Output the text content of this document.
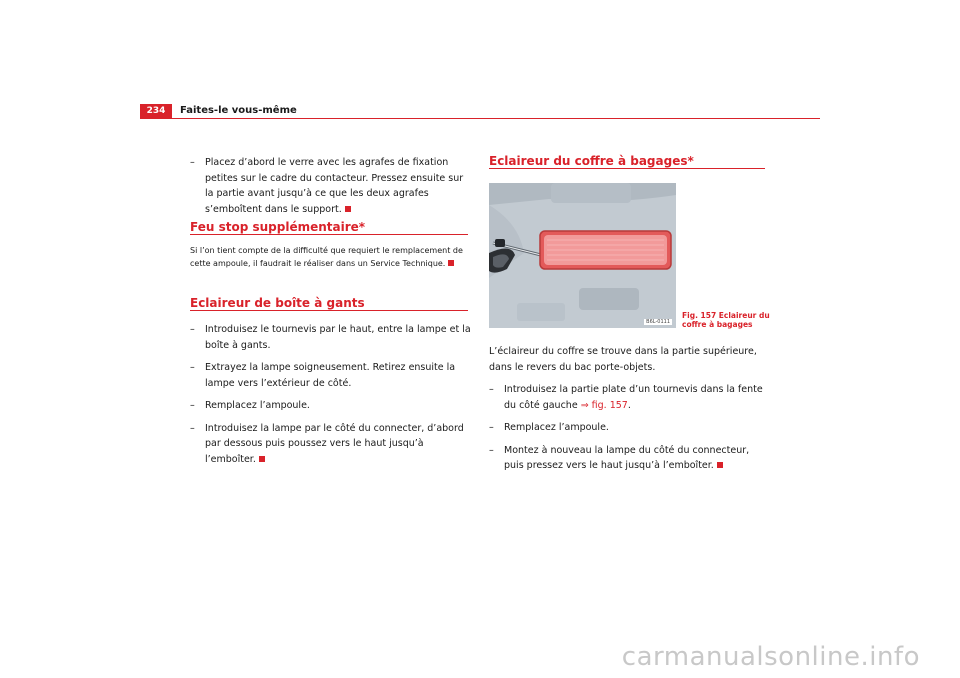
234	Faites-le vous-même

– Placez d’abord le verre avec les agrafes de fixation petites sur le cadre du contacteur. Pressez ensuite sur la partie avant jusqu’à ce que les deux agrafes s’emboîtent dans le support.

Feu stop supplémentaire*
Si l’on tient compte de la difficulté que requiert le remplacement de cette ampoule, il faudrait le réaliser dans un Service Technique.
Eclaireur de boîte à gants

– Introduisez le tournevis par le haut, entre la lampe et la boîte à gants.

– Extrayez la lampe soigneusement. Retirez ensuite la lampe vers l’extérieur de côté.

– Remplacez l’ampoule.

– Introduisez la lampe par le côté du connecter, d’abord par dessous puis poussez vers le haut jusqu’à l’emboîter.

Eclaireur du coffre à bagages*
B6L-0111
Fig. 157 Eclaireur du
coffre à bagages

L’éclaireur du coffre se trouve dans la partie supérieure, dans le revers du bac porte-objets.

– Introduisez la partie plate d’un tournevis dans la fente du côté gauche ⇒ fig. 157.

– Remplacez l’ampoule.

– Montez à nouveau la lampe du côté du connecteur, puis pressez vers le haut jusqu’à l’emboîter.

carmanualsonline.info
